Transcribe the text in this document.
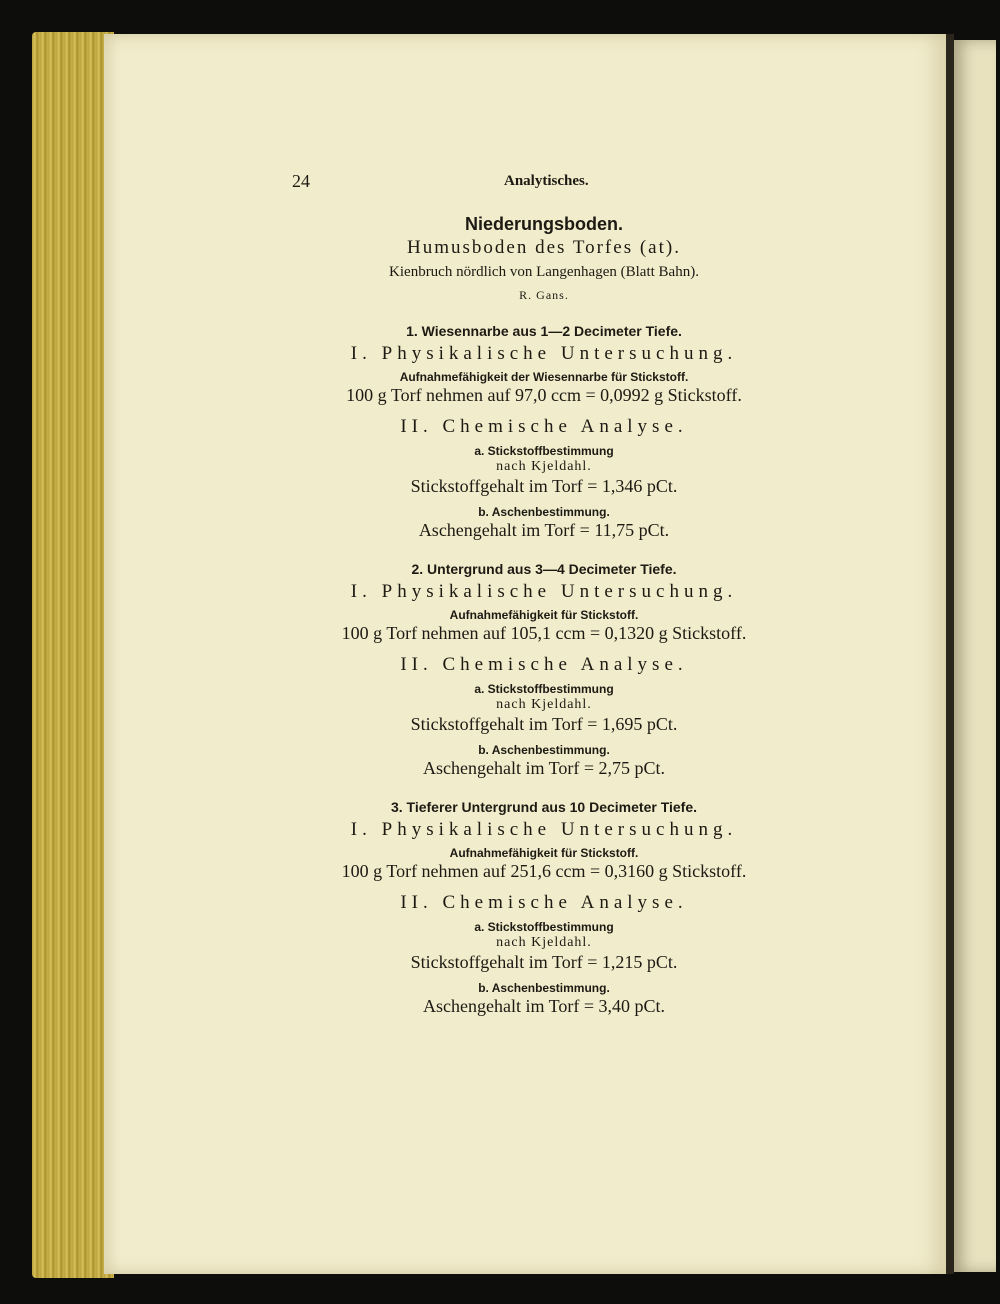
24	Analytisches.
Niederungsboden.
Humusboden des Torfes (at).
Kienbruch nördlich von Langenhagen (Blatt Bahn).
R. Gans.
1. Wiesennarbe aus 1—2 Decimeter Tiefe.
I. Physikalische Untersuchung.
Aufnahmefähigkeit der Wiesennarbe für Stickstoff.
100 g Torf nehmen auf 97,0 ccm = 0,0992 g Stickstoff.
II. Chemische Analyse.
a. Stickstoffbestimmung
nach Kjeldahl.
Stickstoffgehalt im Torf = 1,346 pCt.
b. Aschenbestimmung.
Aschengehalt im Torf = 11,75 pCt.
2. Untergrund aus 3—4 Decimeter Tiefe.
I. Physikalische Untersuchung.
Aufnahmefähigkeit für Stickstoff.
100 g Torf nehmen auf 105,1 ccm = 0,1320 g Stickstoff.
II. Chemische Analyse.
a. Stickstoffbestimmung
nach Kjeldahl.
Stickstoffgehalt im Torf = 1,695 pCt.
b. Aschenbestimmung.
Aschengehalt im Torf = 2,75 pCt.
3. Tieferer Untergrund aus 10 Decimeter Tiefe.
I. Physikalische Untersuchung.
Aufnahmefähigkeit für Stickstoff.
100 g Torf nehmen auf 251,6 ccm = 0,3160 g Stickstoff.
II. Chemische Analyse.
a. Stickstoffbestimmung
nach Kjeldahl.
Stickstoffgehalt im Torf = 1,215 pCt.
b. Aschenbestimmung.
Aschengehalt im Torf = 3,40 pCt.
